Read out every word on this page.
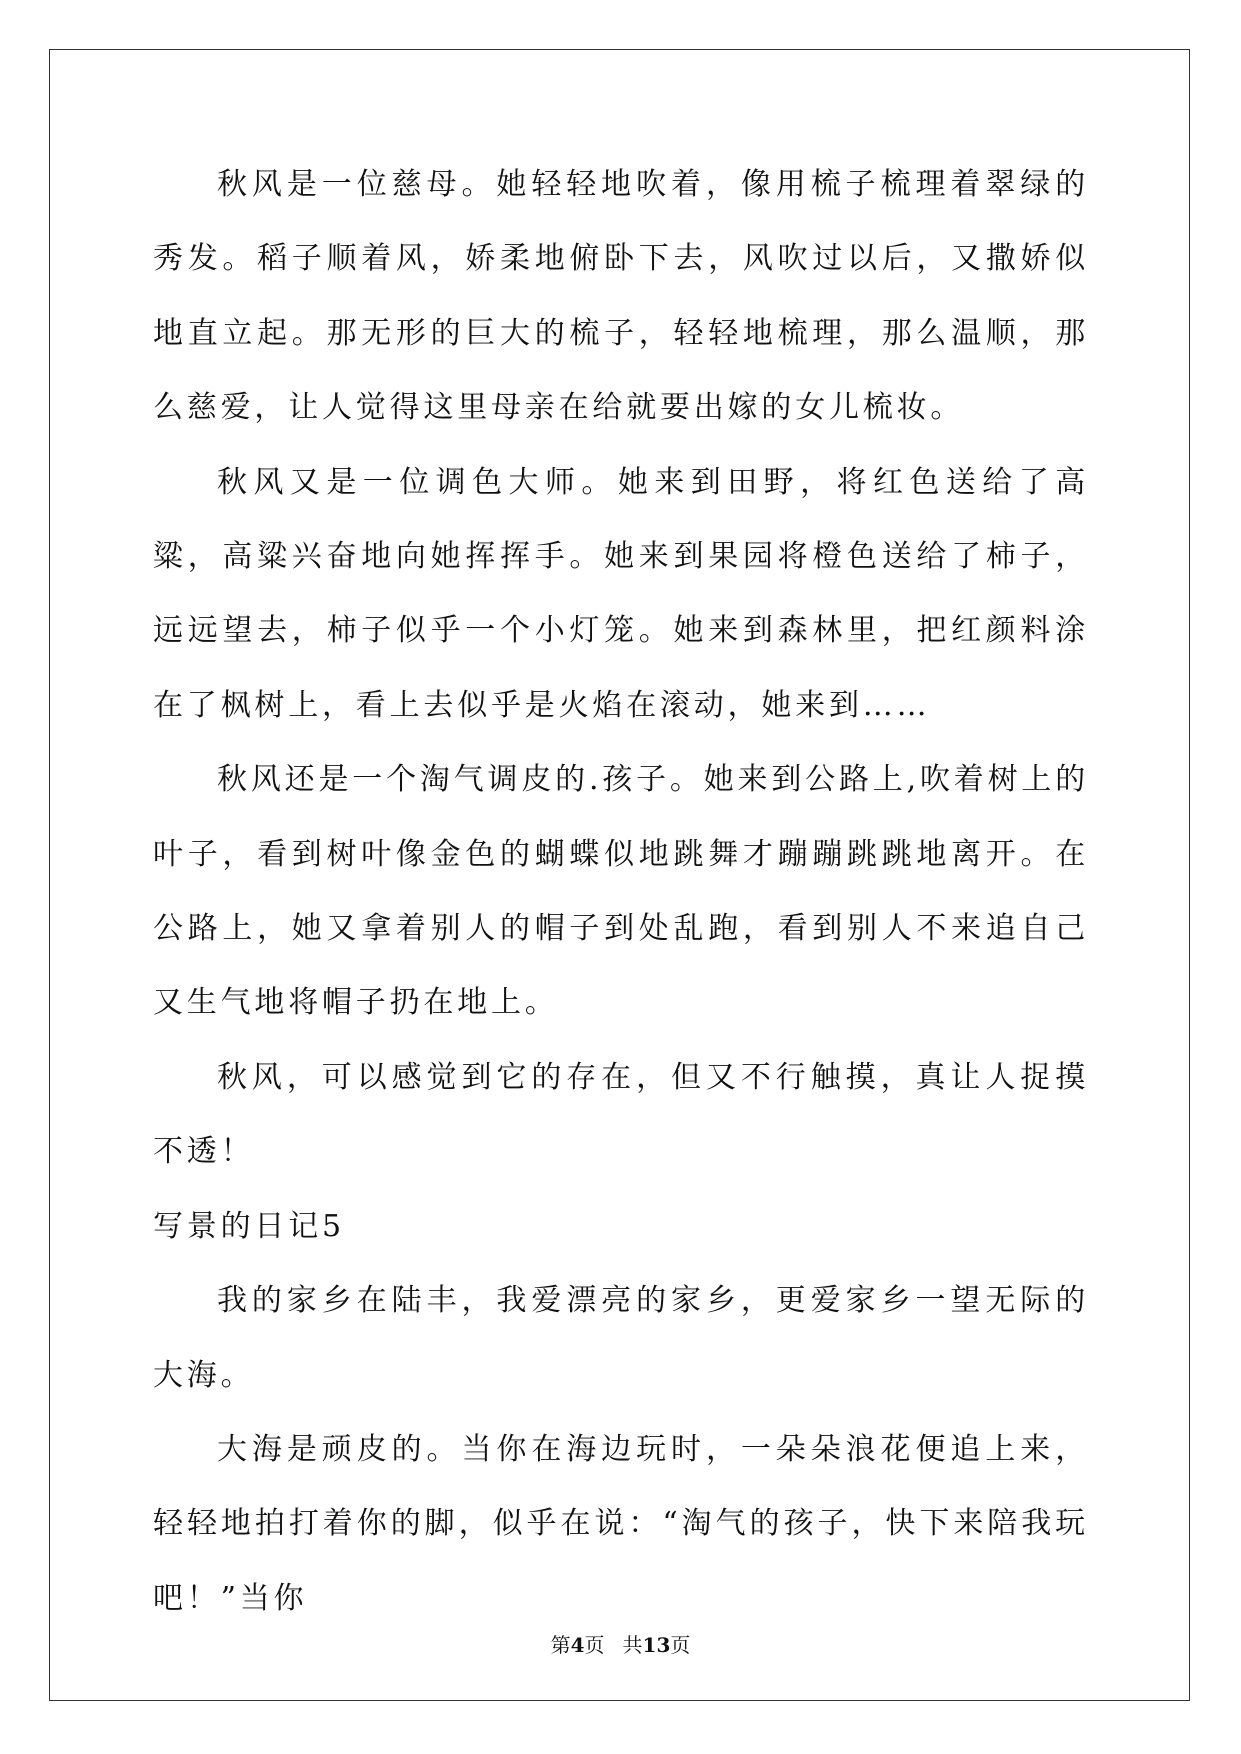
秋风是一位慈母。她轻轻地吹着，像用梳子梳理着翠绿的秀发。稻子顺着风，娇柔地俯卧下去，风吹过以后，又撒娇似地直立起。那无形的巨大的梳子，轻轻地梳理，那么温顺，那么慈爱，让人觉得这里母亲在给就要出嫁的女儿梳妆。

秋风又是一位调色大师。她来到田野，将红色送给了高粱，高粱兴奋地向她挥挥手。她来到果园将橙色送给了柿子，远远望去，柿子似乎一个小灯笼。她来到森林里，把红颜料涂在了枫树上，看上去似乎是火焰在滚动，她来到……

秋风还是一个淘气调皮的.孩子。她来到公路上,吹着树上的叶子，看到树叶像金色的蝴蝶似地跳舞才蹦蹦跳跳地离开。在公路上，她又拿着别人的帽子到处乱跑，看到别人不来追自己又生气地将帽子扔在地上。

秋风，可以感觉到它的存在，但又不行触摸，真让人捉摸不透！

写景的日记5

我的家乡在陆丰，我爱漂亮的家乡，更爱家乡一望无际的大海。

大海是顽皮的。当你在海边玩时，一朵朵浪花便追上来，轻轻地拍打着你的脚，似乎在说：“淘气的孩子，快下来陪我玩吧！”当你

第4页 共13页
